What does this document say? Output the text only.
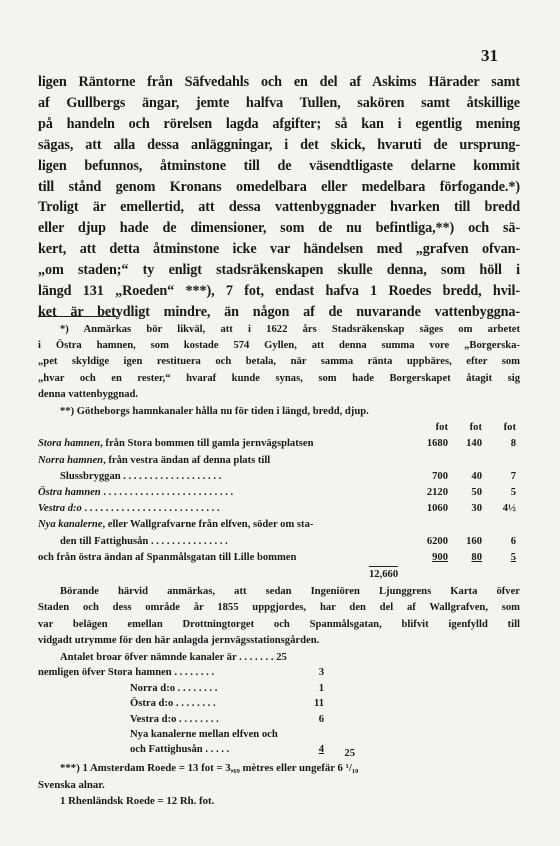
31

ligen Räntorne från Säfvedahls och en del af Askims Härader samt

af Gullbergs ängar, jemte halfva Tullen, sakören samt åtskillige

på handeln och rörelsen lagda afgifter; så kan i egentlig mening

sägas, att alla dessa anläggningar, i det skick, hvaruti de ursprung-

ligen befunnos, åtminstone till de väsendtligaste delarne kommit

till stånd genom Kronans omedelbara eller medelbara förfogande.*)

Troligt är emellertid, att dessa vattenbyggnader hvarken till bredd

eller djup hade de dimensioner, som de nu befintliga,**) och sä-

kert, att detta åtminstone icke var händelsen med „grafven ofvan-

„om staden;“ ty enligt stadsräkenskapen skulle denna, som höll i

längd 131 „Roeden“ ***), 7 fot, endast hafva 1 Roedes bredd, hvil-

ket är betydligt mindre, än någon af de nuvarande vattenbyggna-

*) Anmärkas bör likväl, att i 1622 års Stadsräkenskap säges om arbetet
i Östra hamnen, som kostade 574 Gyllen, att denna summa vore „Borgerska-
„pet skyldige igen restituera och betala, när samma ränta uppbäres, efter som
„hvar och en rester,“ hvaraf kunde synas, som hade Borgerskapet åtagit sig
denna vattenbyggnad.
**) Götheborgs hamnkanaler hålla nu för tiden i längd, bredd, djup.
fot fot fot
Stora hamnen, från Stora bommen till gamla jernvägsplatsen	1680 140	8
Norra hamnen, från vestra ändan af denna plats till
Slussbryggan . . . . . . . . . . . . . . . . . . .	700 40	7
Östra hamnen . . . . . . . . . . . . . . . . . . . . . . . . .	2120 50	5
Vestra d:o . . . . . . . . . . . . . . . . . . . . . . . . . .	1060 30 4½
Nya kanalerne, eller Wallgrafvarne från elfven, söder om sta-
den till Fattighusån . . . . . . . . . . . . . . .	6200 160	6
och från östra ändan af Spanmålsgatan till Lille bommen	900 80	5
12,660
Börande härvid anmärkas, att sedan Ingeniören Ljunggrens Karta öfver
Staden och dess område år 1855 uppgjordes, har den del af Wallgrafven, som
var belägen emellan Drottningtorget och Spanmålsgatan, blifvit igenfylld till
vidgadt utrymme för den här anlagda jernvägsstationsgården.
Antalet broar öfver nämnde kanaler är . . . . . . . 25
nemligen öfver Stora hamnen . . . . . . . .	3
Norra d:o . . . . . . . .	1
Östra d:o . . . . . . . .	11
Vestra d:o . . . . . . . .	6
Nya kanalerne mellan elfven och
och Fattighusån . . . . .	4 25
***) 1 Amsterdam Roede = 13 fot = 3,₆₉ mètres eller ungefär 6 ¹/₁₀
Svenska alnar.
1 Rhenländsk Roede = 12 Rh. fot.
